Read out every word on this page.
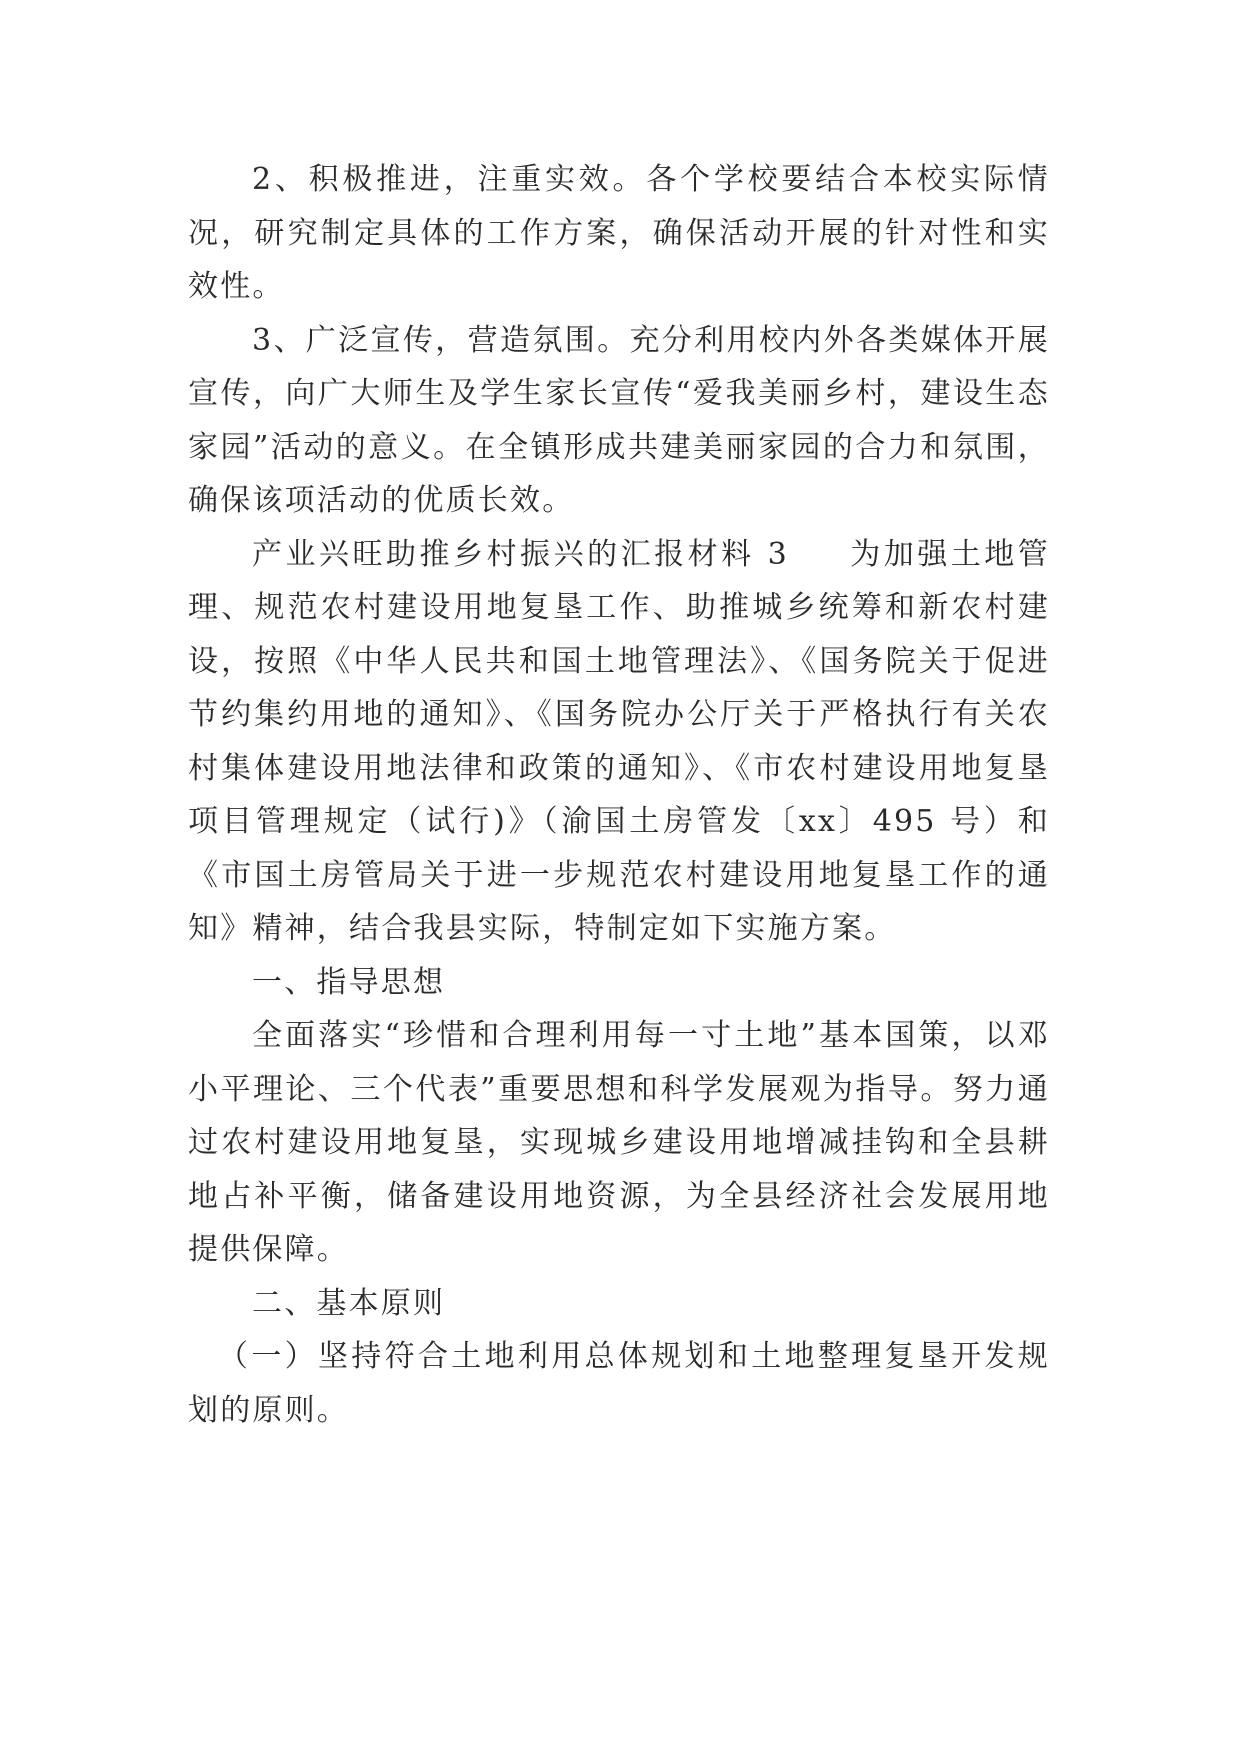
2、积极推进，注重实效。各个学校要结合本校实际情况，研究制定具体的工作方案，确保活动开展的针对性和实效性。

3、广泛宣传，营造氛围。充分利用校内外各类媒体开展宣传，向广大师生及学生家长宣传“爱我美丽乡村，建设生态家园”活动的意义。在全镇形成共建美丽家园的合力和氛围，确保该项活动的优质长效。

产业兴旺助推乡村振兴的汇报材料 3 为加强土地管理、规范农村建设用地复垦工作、助推城乡统筹和新农村建设，按照《中华人民共和国土地管理法》、《国务院关于促进节约集约用地的通知》、《国务院办公厅关于严格执行有关农村集体建设用地法律和政策的通知》、《市农村建设用地复垦项目管理规定（试行)》（渝国土房管发〔xx〕495 号）和《市国土房管局关于进一步规范农村建设用地复垦工作的通知》精神，结合我县实际，特制定如下实施方案。

一、指导思想

全面落实“珍惜和合理利用每一寸土地”基本国策，以邓小平理论、三个代表”重要思想和科学发展观为指导。努力通过农村建设用地复垦，实现城乡建设用地增减挂钩和全县耕地占补平衡，储备建设用地资源，为全县经济社会发展用地提供保障。

二、基本原则

（一）坚持符合土地利用总体规划和土地整理复垦开发规划的原则。
